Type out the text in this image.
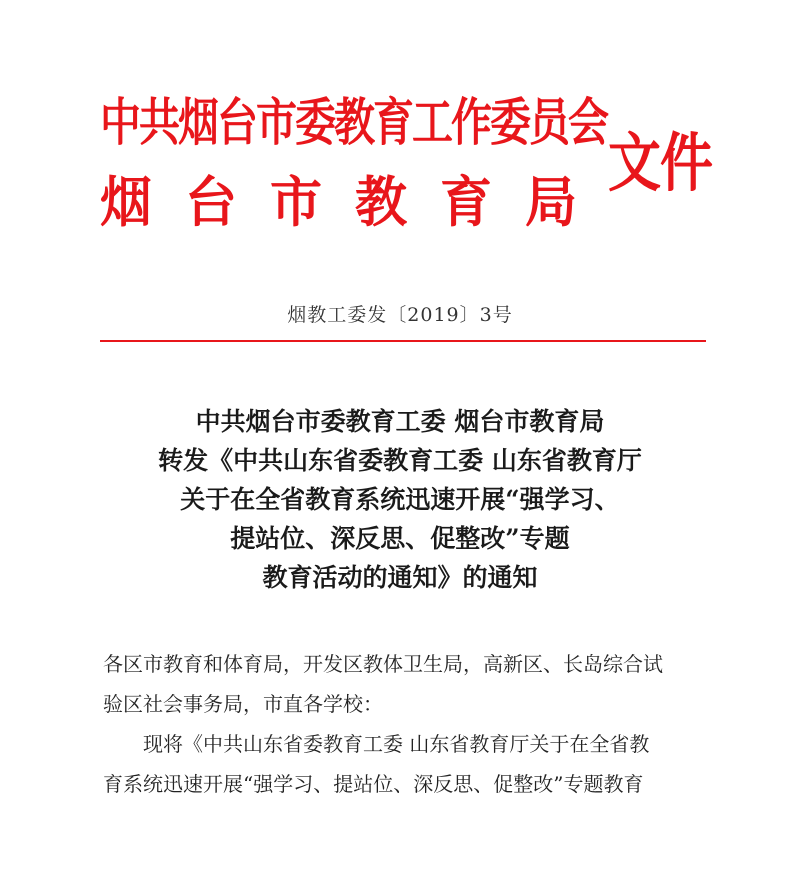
中共烟台市委教育工作委员会
烟台市教育局
文件
烟教工委发〔2019〕3号
中共烟台市委教育工委 烟台市教育局
转发《中共山东省委教育工委 山东省教育厅
关于在全省教育系统迅速开展“强学习、
提站位、深反思、促整改”专题
教育活动的通知》的通知
各区市教育和体育局，开发区教体卫生局，高新区、长岛综合试
验区社会事务局，市直各学校：
现将《中共山东省委教育工委 山东省教育厅关于在全省教
育系统迅速开展“强学习、提站位、深反思、促整改”专题教育
